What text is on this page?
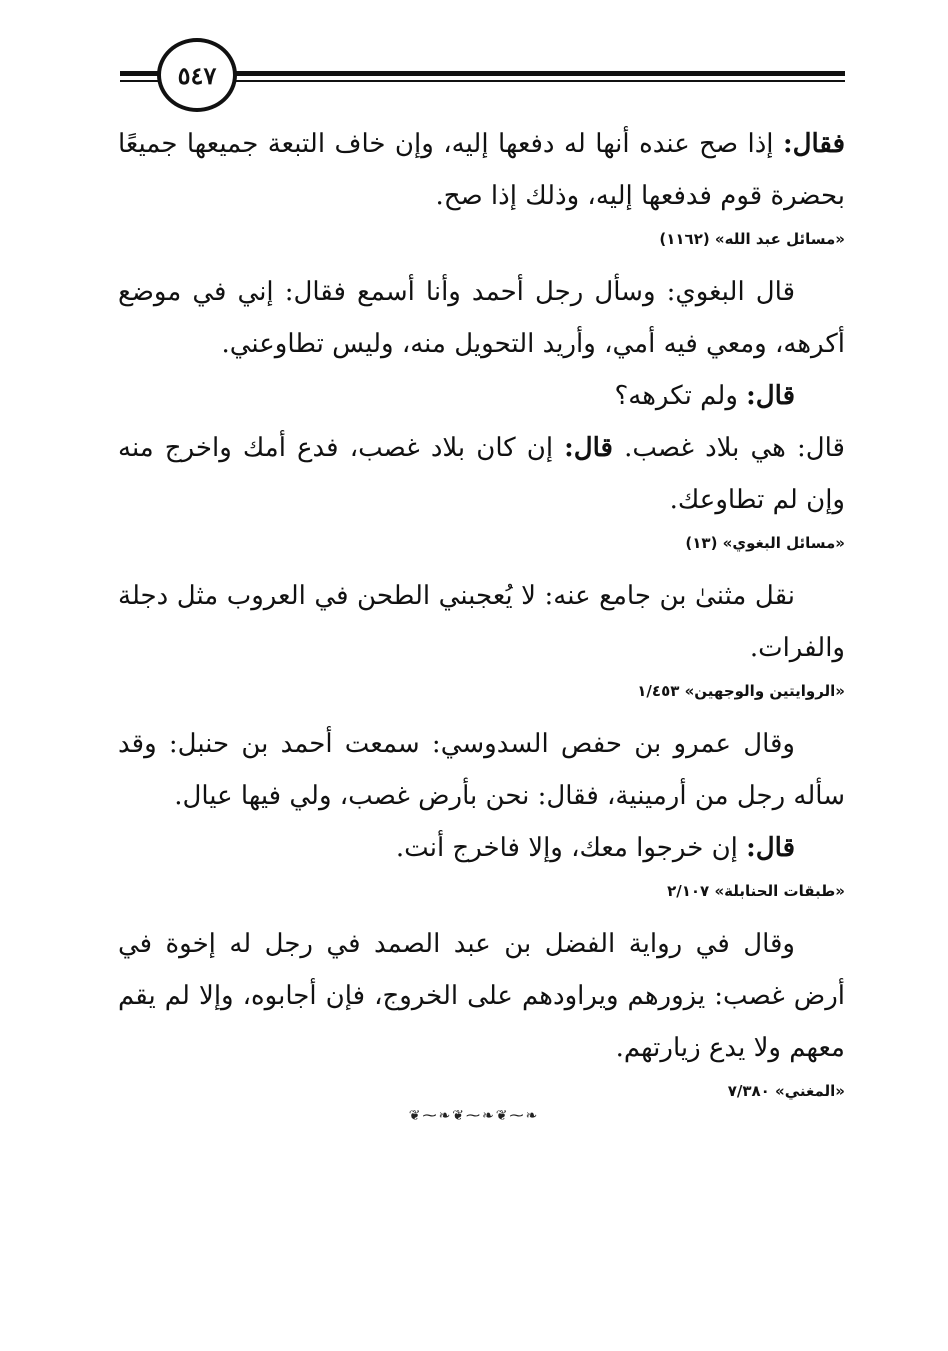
٥٤٧

فقال: إذا صح عنده أنها له دفعها إليه، وإن خاف التبعة جميعها جميعًا بحضرة قوم فدفعها إليه، وذلك إذا صح.

«مسائل عبد الله» (١١٦٢)

قال البغوي: وسأل رجل أحمد وأنا أسمع فقال: إني في موضع أكرهه، ومعي فيه أمي، وأريد التحويل منه، وليس تطاوعني.

قال: ولم تكرهه؟

قال: هي بلاد غصب. قال: إن كان بلاد غصب، فدع أمك واخرج منه وإن لم تطاوعك.

«مسائل البغوي» (١٣)

نقل مثنىٰ بن جامع عنه: لا يُعجبني الطحن في العروب مثل دجلة والفرات.

«الروايتين والوجهين» ١/٤٥٣

وقال عمرو بن حفص السدوسي: سمعت أحمد بن حنبل: وقد سأله رجل من أرمينية، فقال: نحن بأرض غصب، ولي فيها عيال.

قال: إن خرجوا معك، وإلا فاخرج أنت.

«طبقات الحنابلة» ٢/١٠٧

وقال في رواية الفضل بن عبد الصمد في رجل له إخوة في أرض غصب: يزورهم ويراودهم على الخروج، فإن أجابوه، وإلا لم يقم معهم ولا يدع زيارتهم.

«المغني» ٧/٣٨٠
❦⁓❧❦⁓❧❦⁓❧
